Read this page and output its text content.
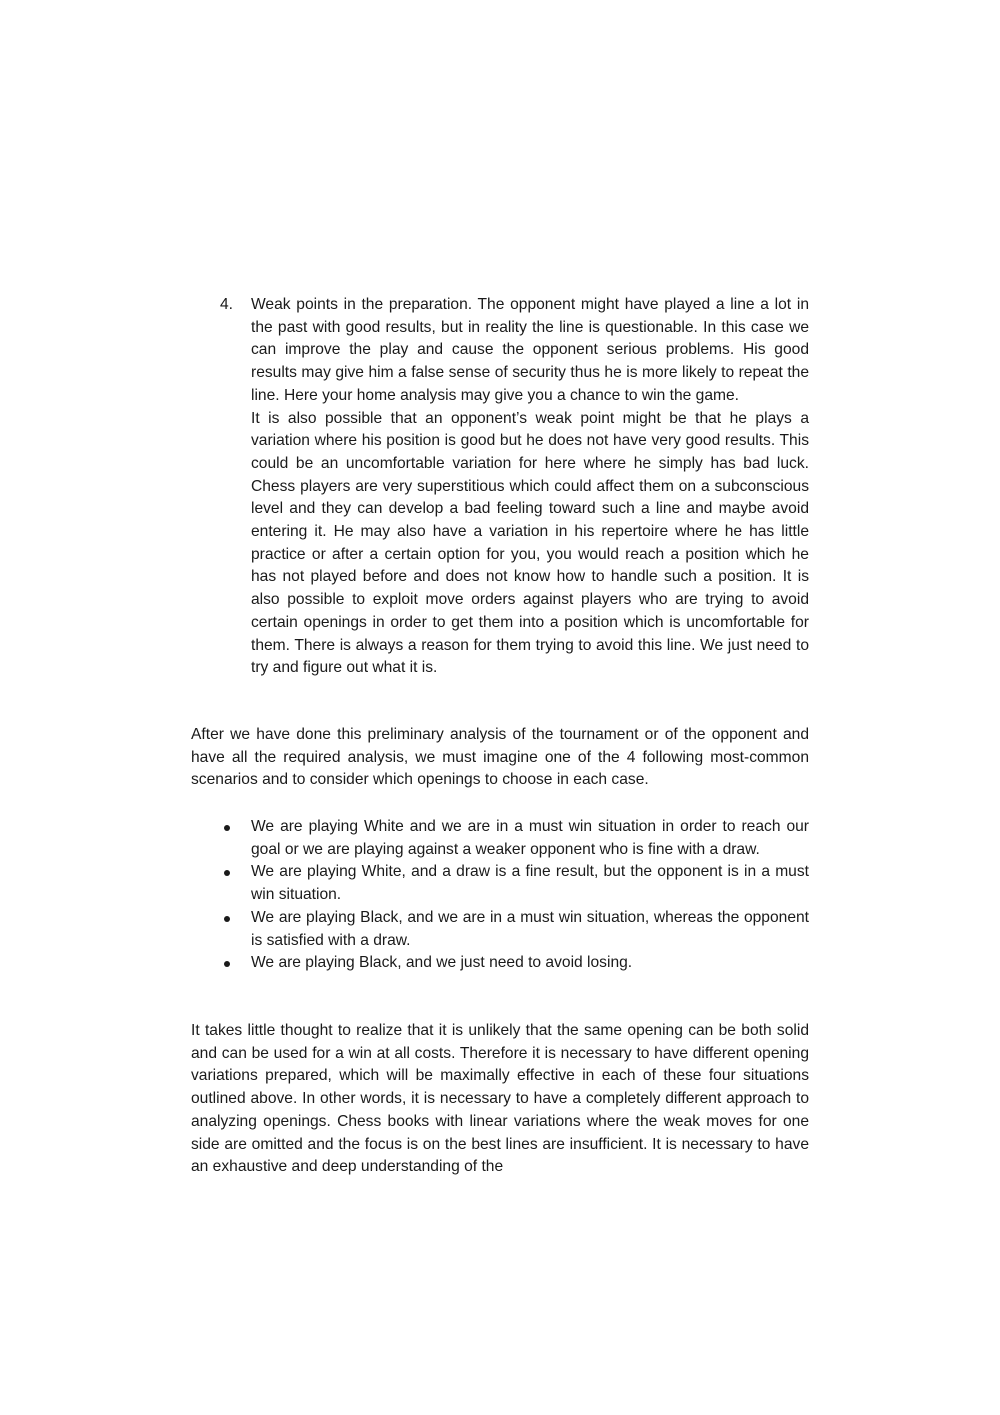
4. Weak points in the preparation. The opponent might have played a line a lot in the past with good results, but in reality the line is questionable. In this case we can improve the play and cause the opponent serious problems. His good results may give him a false sense of security thus he is more likely to repeat the line. Here your home analysis may give you a chance to win the game.

It is also possible that an opponent’s weak point might be that he plays a variation where his position is good but he does not have very good results. This could be an uncomfortable variation for here where he simply has bad luck. Chess players are very superstitious which could affect them on a subconscious level and they can develop a bad feeling toward such a line and maybe avoid entering it. He may also have a variation in his repertoire where he has little practice or after a certain option for you, you would reach a position which he has not played before and does not know how to handle such a position. It is also possible to exploit move orders against players who are trying to avoid certain openings in order to get them into a position which is uncomfortable for them. There is always a reason for them trying to avoid this line. We just need to try and figure out what it is.

After we have done this preliminary analysis of the tournament or of the opponent and have all the required analysis, we must imagine one of the 4 following most-common scenarios and to consider which openings to choose in each case.

We are playing White and we are in a must win situation in order to reach our goal or we are playing against a weaker opponent who is fine with a draw.
We are playing White, and a draw is a fine result, but the opponent is in a must win situation.
We are playing Black, and we are in a must win situation, whereas the opponent is satisfied with a draw.
We are playing Black, and we just need to avoid losing.

It takes little thought to realize that it is unlikely that the same opening can be both solid and can be used for a win at all costs. Therefore it is necessary to have different opening variations prepared, which will be maximally effective in each of these four situations outlined above. In other words, it is necessary to have a completely different approach to analyzing openings. Chess books with linear variations where the weak moves for one side are omitted and the focus is on the best lines are insufficient. It is necessary to have an exhaustive and deep understanding of the
